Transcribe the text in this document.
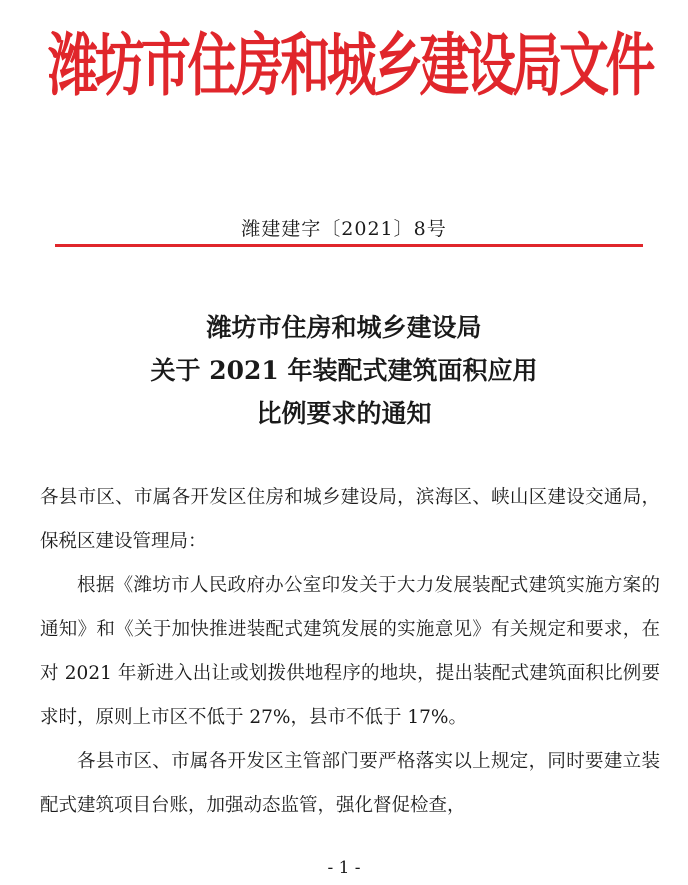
潍坊市住房和城乡建设局文件
潍建建字〔2021〕8号
潍坊市住房和城乡建设局
关于 2021 年装配式建筑面积应用
比例要求的通知

各县市区、市属各开发区住房和城乡建设局，滨海区、峡山区建设交通局，保税区建设管理局：

根据《潍坊市人民政府办公室印发关于大力发展装配式建筑实施方案的通知》和《关于加快推进装配式建筑发展的实施意见》有关规定和要求，在对 2021 年新进入出让或划拨供地程序的地块，提出装配式建筑面积比例要求时，原则上市区不低于 27%，县市不低于 17%。

各县市区、市属各开发区主管部门要严格落实以上规定，同时要建立装配式建筑项目台账，加强动态监管，强化督促检查，

- 1 -
